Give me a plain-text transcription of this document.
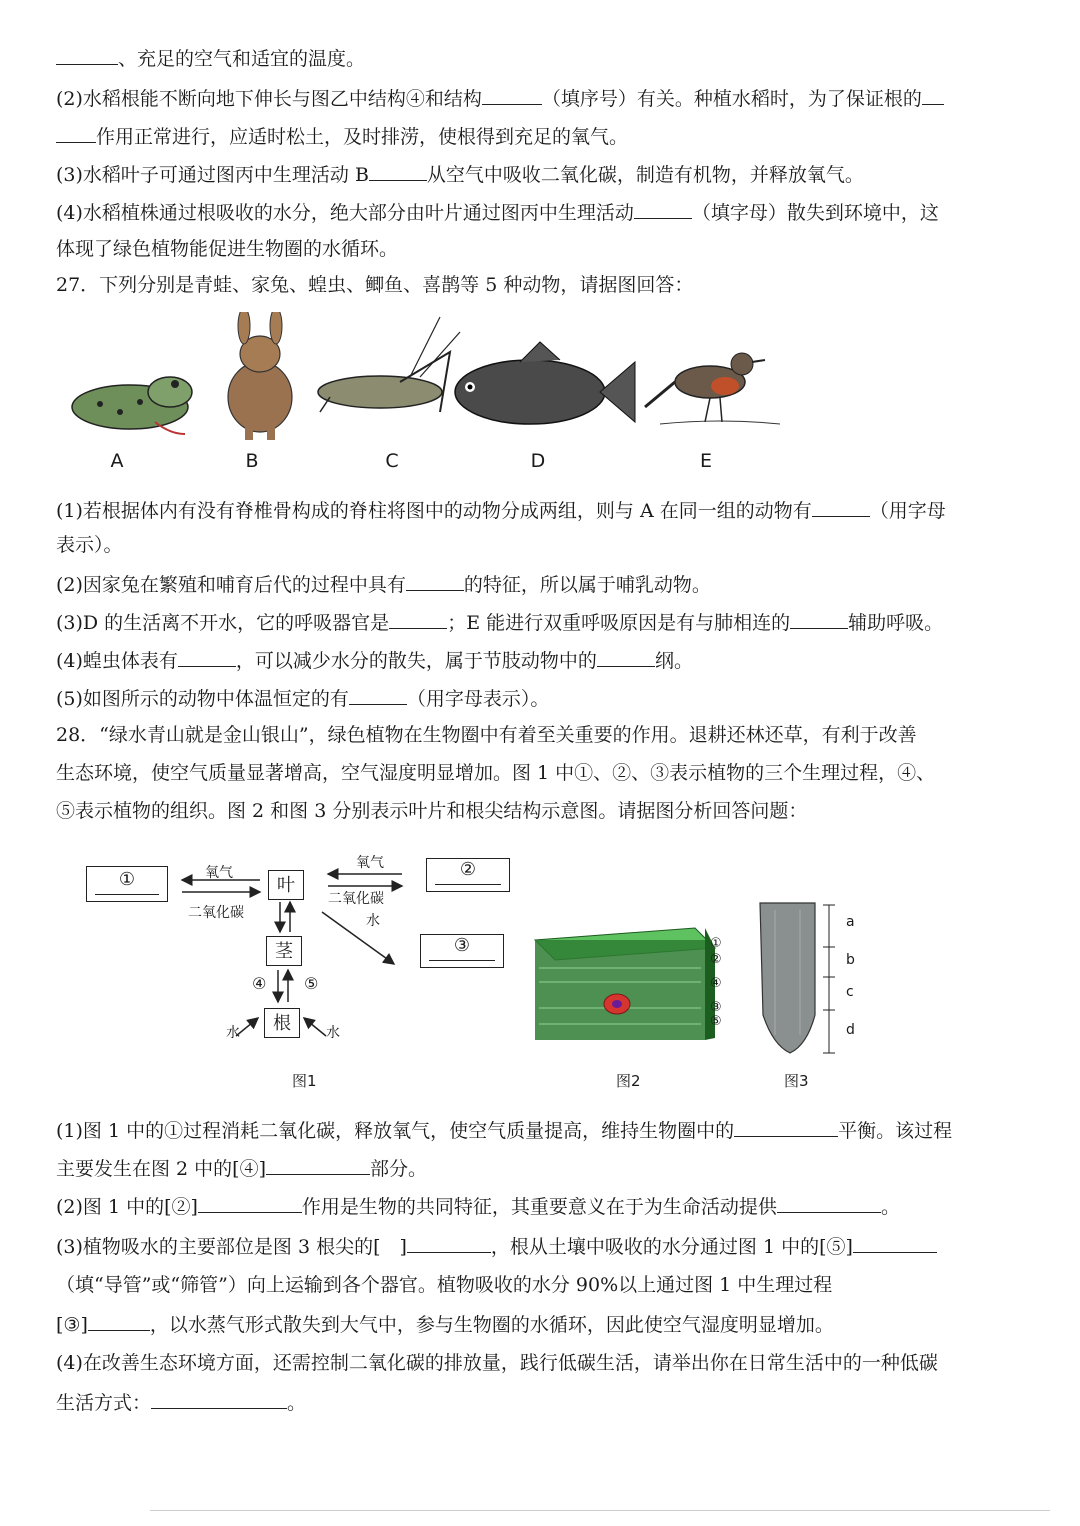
、充足的空气和适宜的温度。
(2)水稻根能不断向地下伸长与图乙中结构④和结构	（填序号）有关。种植水稻时，为了保证根的
作用正常进行，应适时松土，及时排涝，使根得到充足的氧气。
(3)水稻叶子可通过图丙中生理活动 B	从空气中吸收二氧化碳，制造有机物，并释放氧气。
(4)水稻植株通过根吸收的水分，绝大部分由叶片通过图丙中生理活动	（填字母）散失到环境中，这
体现了绿色植物能促进生物圈的水循环。
27．下列分别是青蛙、家兔、蝗虫、鲫鱼、喜鹊等 5 种动物，请据图回答：
A	B	C	D	E
(1)若根据体内有没有脊椎骨构成的脊柱将图中的动物分成两组，则与 A 在同一组的动物有	（用字母
表示）。
(2)因家兔在繁殖和哺育后代的过程中具有	的特征，所以属于哺乳动物。
(3)D 的生活离不开水，它的呼吸器官是	；E 能进行双重呼吸原因是有与肺相连的	辅助呼吸。
(4)蝗虫体表有	，可以减少水分的散失，属于节肢动物中的	纲。
(5)如图所示的动物中体温恒定的有	（用字母表示）。
28．“绿水青山就是金山银山”，绿色植物在生物圈中有着至关重要的作用。退耕还林还草，有利于改善
生态环境，使空气质量显著增高，空气湿度明显增加。图 1 中①、②、③表示植物的三个生理过程，④、
⑤表示植物的组织。图 2 和图 3 分别表示叶片和根尖结构示意图。请据图分析回答问题：
①	②
③
叶
茎
根
氧气
二氧化碳
氧气
二氧化碳
水
④ ⑤
水	水
图1
①
②
④
③
⑤
图2
a
b
c
d
图3
(1)图 1 中的①过程消耗二氧化碳，释放氧气，使空气质量提高，维持生物圈中的	平衡。该过程
主要发生在图 2 中的[④]	部分。
(2)图 1 中的[②]	作用是生物的共同特征，其重要意义在于为生命活动提供	。
(3)植物吸水的主要部位是图 3 根尖的[　]	，根从土壤中吸收的水分通过图 1 中的[⑤]
（填“导管”或“筛管”）向上运输到各个器官。植物吸收的水分 90%以上通过图 1 中生理过程
[③]	，以水蒸气形式散失到大气中，参与生物圈的水循环，因此使空气湿度明显增加。
(4)在改善生态环境方面，还需控制二氧化碳的排放量，践行低碳生活，请举出你在日常生活中的一种低碳
生活方式：	。
